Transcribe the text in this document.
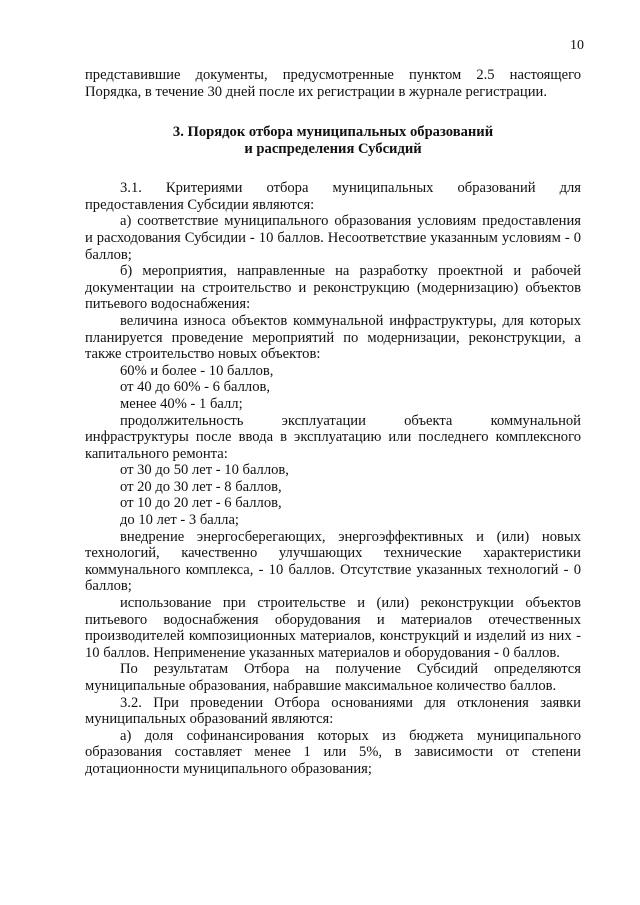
10

представившие документы, предусмотренные пунктом 2.5 настоящего Порядка, в течение 30 дней после их регистрации в журнале регистрации.

3. Порядок отбора муниципальных образований
и распределения Субсидий

3.1. Критериями отбора муниципальных образований для предоставления Субсидии являются:

а) соответствие муниципального образования условиям предоставления и расходования Субсидии - 10 баллов. Несоответствие указанным условиям - 0 баллов;

б) мероприятия, направленные на разработку проектной и рабочей документации на строительство и реконструкцию (модернизацию) объектов питьевого водоснабжения:

величина износа объектов коммунальной инфраструктуры, для которых планируется проведение мероприятий по модернизации, реконструкции, а также строительство новых объектов:

60% и более - 10 баллов,

от 40 до 60% - 6 баллов,

менее 40% - 1 балл;

продолжительность эксплуатации объекта коммунальной инфраструктуры после ввода в эксплуатацию или последнего комплексного капитального ремонта:

от 30 до 50 лет - 10 баллов,

от 20 до 30 лет - 8 баллов,

от 10 до 20 лет - 6 баллов,

до 10 лет - 3 балла;

внедрение энергосберегающих, энергоэффективных и (или) новых технологий, качественно улучшающих технические характеристики коммунального комплекса, - 10 баллов. Отсутствие указанных технологий - 0 баллов;

использование при строительстве и (или) реконструкции объектов питьевого водоснабжения оборудования и материалов отечественных производителей композиционных материалов, конструкций и изделий из них - 10 баллов. Неприменение указанных материалов и оборудования - 0 баллов.

По результатам Отбора на получение Субсидий определяются муниципальные образования, набравшие максимальное количество баллов.

3.2. При проведении Отбора основаниями для отклонения заявки муниципальных образований являются:

а) доля софинансирования которых из бюджета муниципального образования составляет менее 1 или 5%, в зависимости от степени дотационности муниципального образования;
